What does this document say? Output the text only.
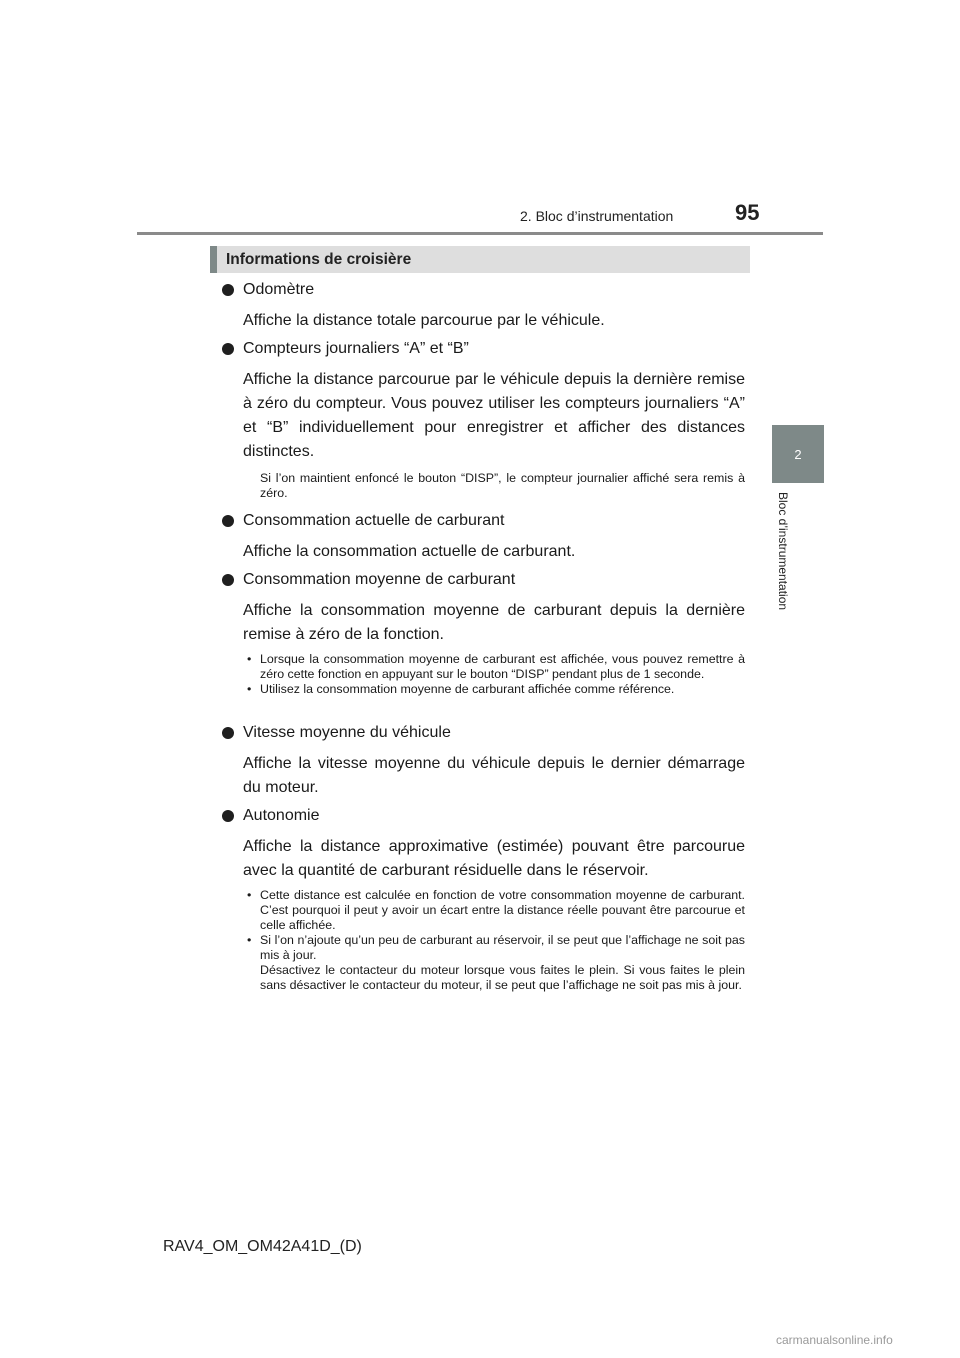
2. Bloc d’instrumentation	95
2
Bloc d’instrumentation
Informations de croisière
Odomètre
Affiche la distance totale parcourue par le véhicule.
Compteurs journaliers “A” et “B”
Affiche la distance parcourue par le véhicule depuis la dernière remise à zéro du compteur. Vous pouvez utiliser les compteurs journaliers “A” et “B” individuellement pour enregistrer et afficher des distances distinctes.
Si l’on maintient enfoncé le bouton “DISP”, le compteur journalier affiché sera remis à zéro.
Consommation actuelle de carburant
Affiche la consommation actuelle de carburant.
Consommation moyenne de carburant
Affiche la consommation moyenne de carburant depuis la dernière remise à zéro de la fonction.
• Lorsque la consommation moyenne de carburant est affichée, vous pouvez remettre à zéro cette fonction en appuyant sur le bouton “DISP” pendant plus de 1 seconde.
• Utilisez la consommation moyenne de carburant affichée comme référence.
Vitesse moyenne du véhicule
Affiche la vitesse moyenne du véhicule depuis le dernier démarrage du moteur.
Autonomie
Affiche la distance approximative (estimée) pouvant être parcourue avec la quantité de carburant résiduelle dans le réservoir.
• Cette distance est calculée en fonction de votre consommation moyenne de carburant. C’est pourquoi il peut y avoir un écart entre la distance réelle pouvant être parcourue et celle affichée.
• Si l’on n’ajoute qu’un peu de carburant au réservoir, il se peut que l’affichage ne soit pas mis à jour.
Désactivez le contacteur du moteur lorsque vous faites le plein. Si vous faites le plein sans désactiver le contacteur du moteur, il se peut que l’affichage ne soit pas mis à jour.
RAV4_OM_OM42A41D_(D)
carmanualsonline.info
